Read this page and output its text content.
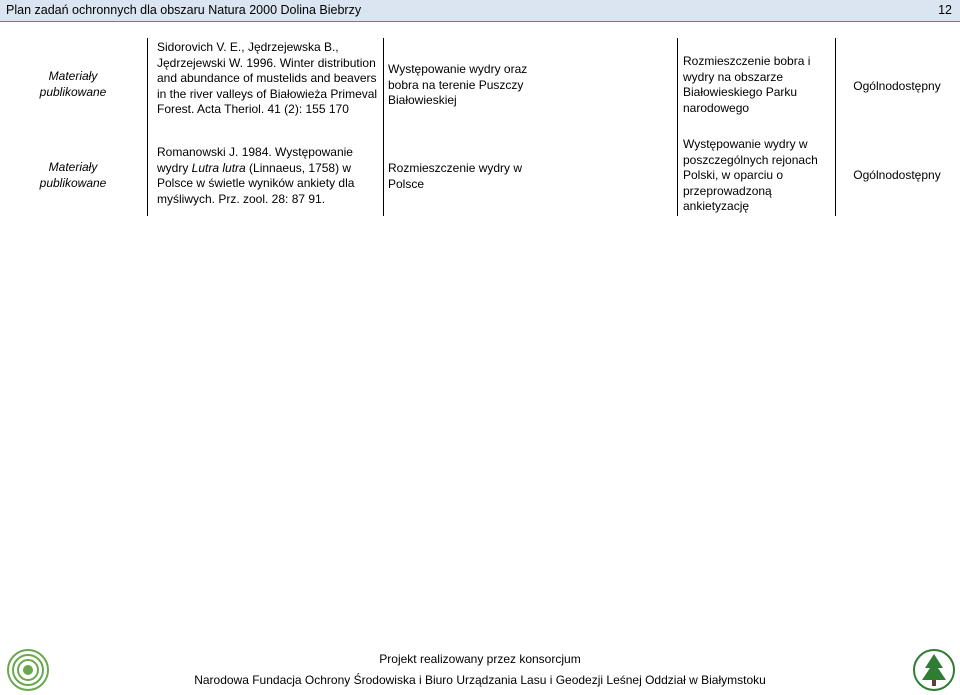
Plan zadań ochronnych dla obszaru Natura 2000 Dolina Biebrzy	12
Materiały publikowane
Sidorovich V. E., Jędrzejewska B., Jędrzejewski W. 1996. Winter distribution and abundance of mustelids and beavers in the river valleys of Białowieża Primeval Forest. Acta Theriol. 41 (2): 155 170
Występowanie wydry oraz bobra na terenie Puszczy Białowieskiej
Rozmieszczenie bobra i wydry na obszarze Białowieskiego Parku narodowego
Ogólnodostępny
Materiały publikowane
Romanowski J. 1984. Występowanie wydry Lutra lutra (Linnaeus, 1758) w Polsce w świetle wyników ankiety dla myśliwych. Prz. zool. 28: 87 91.
Rozmieszczenie wydry w Polsce
Występowanie wydry w poszczególnych rejonach Polski, w oparciu o przeprowadzoną ankietyzację
Ogólnodostępny
Projekt realizowany przez konsorcjum
Narodowa Fundacja Ochrony Środowiska i Biuro Urządzania Lasu i Geodezji Leśnej Oddział w Białymstoku
